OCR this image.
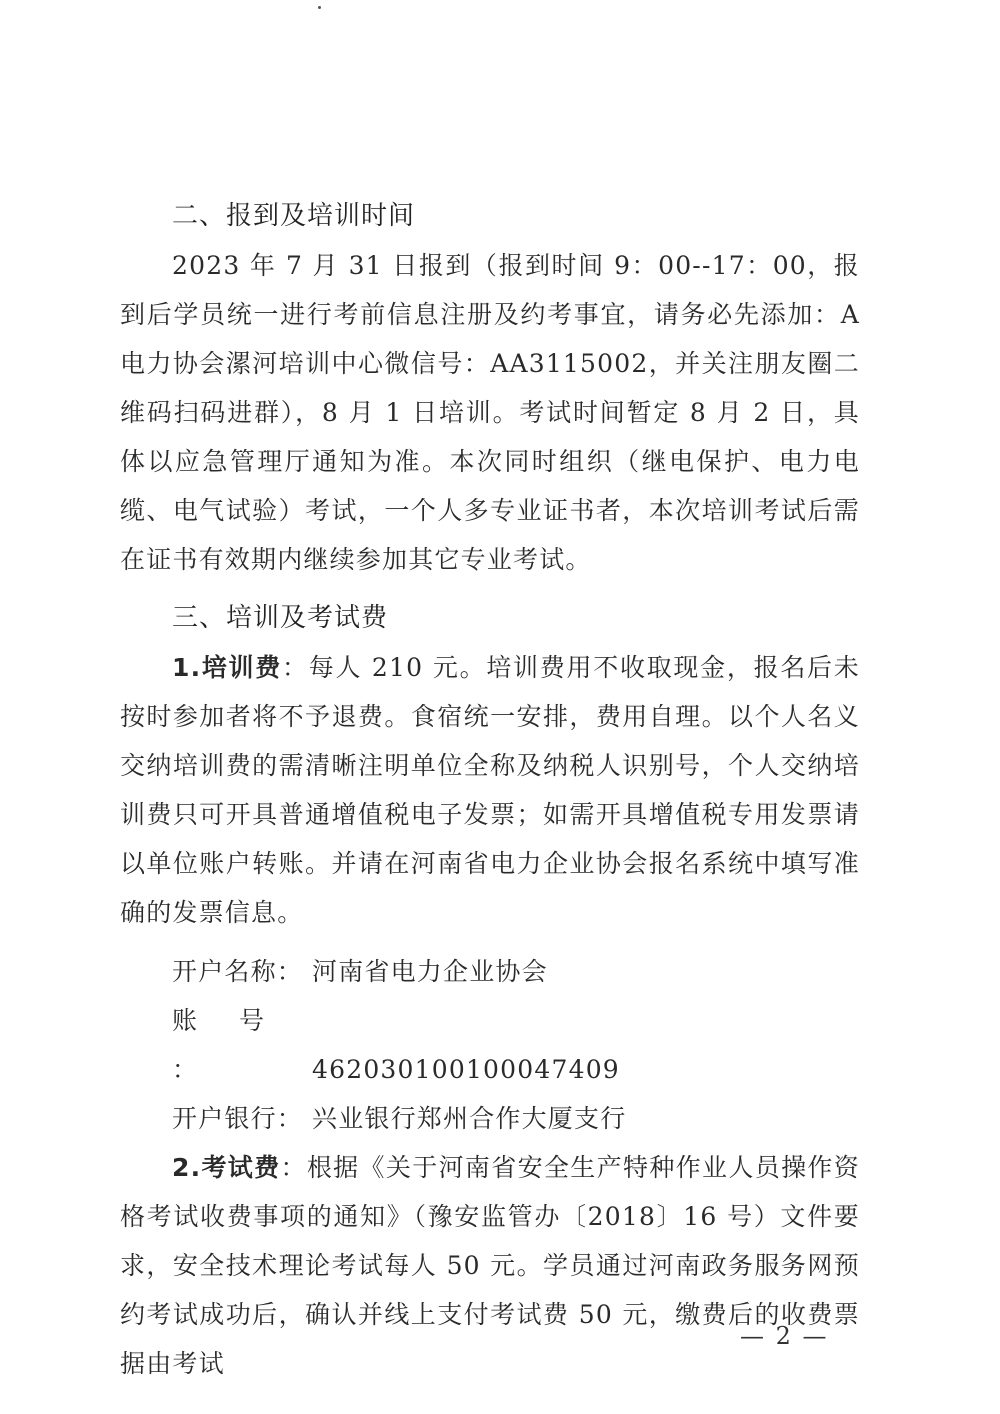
二、报到及培训时间

2023 年 7 月 31 日报到（报到时间 9：00--17：00，报到后学员统一进行考前信息注册及约考事宜，请务必先添加：A 电力协会漯河培训中心微信号：AA3115002，并关注朋友圈二维码扫码进群），8 月 1 日培训。考试时间暂定 8 月 2 日，具体以应急管理厅通知为准。本次同时组织（继电保护、电力电缆、电气试验）考试，一个人多专业证书者，本次培训考试后需在证书有效期内继续参加其它专业考试。

三、培训及考试费

1.培训费：每人 210 元。培训费用不收取现金，报名后未按时参加者将不予退费。食宿统一安排，费用自理。以个人名义交纳培训费的需清晰注明单位全称及纳税人识别号，个人交纳培训费只可开具普通增值税电子发票；如需开具增值税专用发票请以单位账户转账。并请在河南省电力企业协会报名系统中填写准确的发票信息。

开户名称： 河南省电力企业协会

账号：	462030100100047409

开户银行： 兴业银行郑州合作大厦支行

2.考试费：根据《关于河南省安全生产特种作业人员操作资格考试收费事项的通知》（豫安监管办〔2018〕16 号）文件要求，安全技术理论考试每人 50 元。学员通过河南政务服务网预约考试成功后，确认并线上支付考试费 50 元，缴费后的收费票据由考试

— 2 —
